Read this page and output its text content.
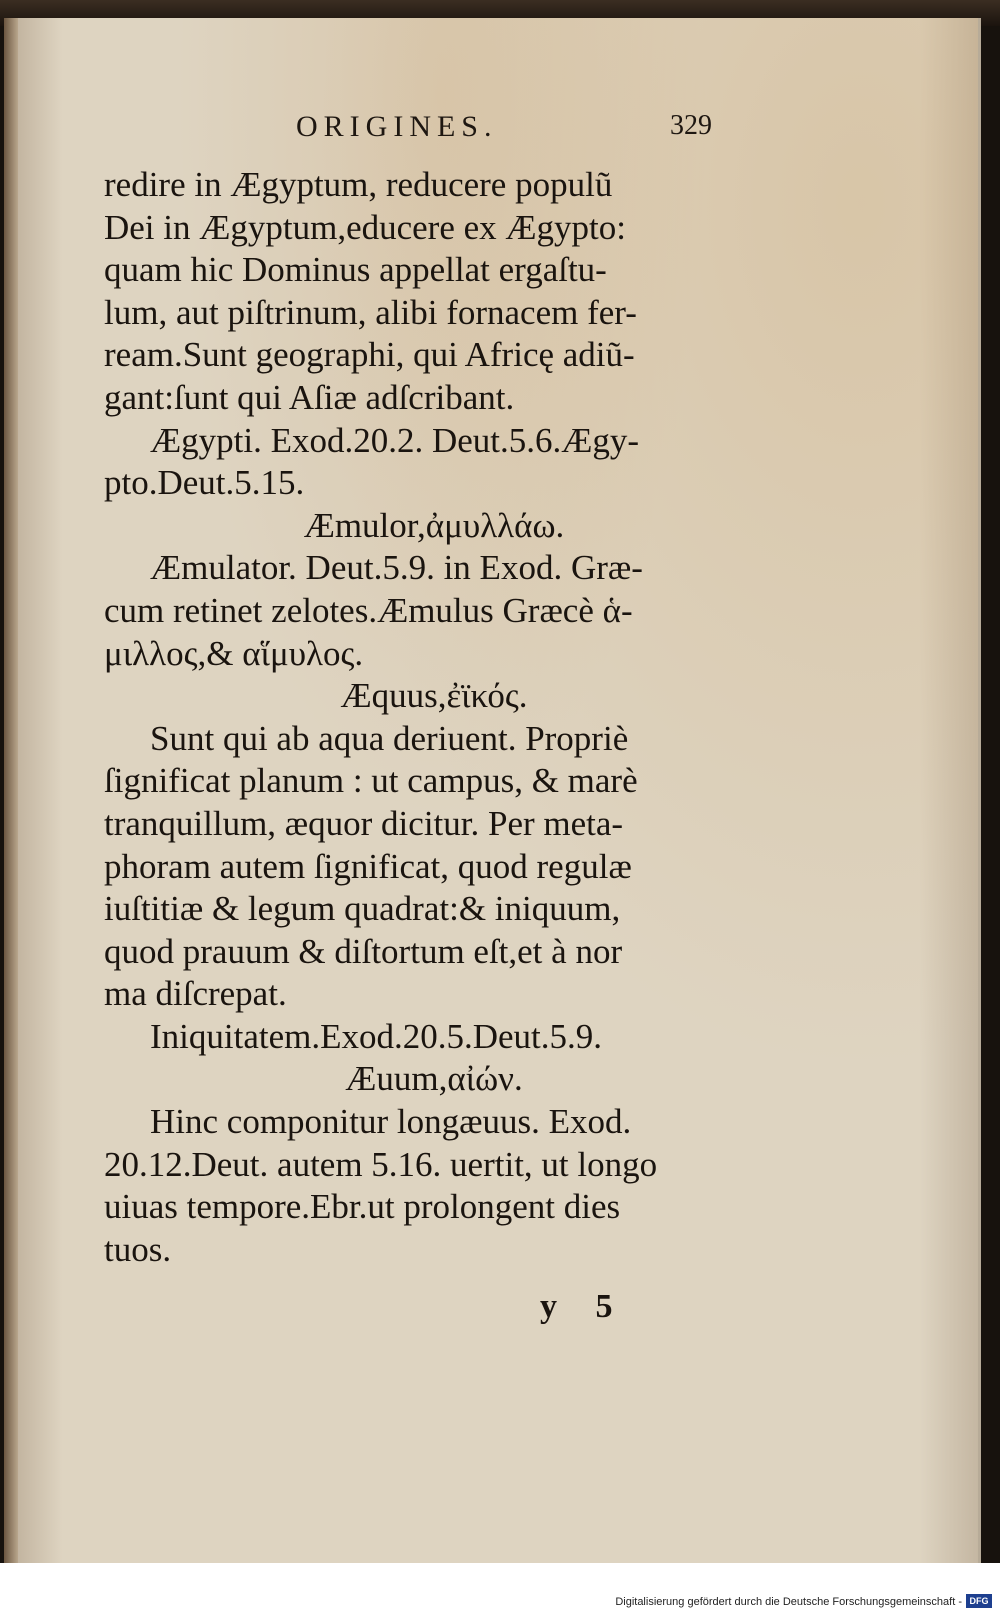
ORIGINES.	329
redire in Ægyptum, reducere populũ
Dei in Ægyptum,educere ex Ægypto:
quam hic Dominus appellat ergaſtu-
lum, aut piſtrinum, alibi fornacem fer-
ream.Sunt geographi, qui Africę adiũ-
gant:ſunt qui Aſiæ adſcribant.
Ægypti. Exod.20.2. Deut.5.6.Ægy-
pto.Deut.5.15.
Æmulor,ἀμυλλάω.
Æmulator. Deut.5.9. in Exod. Græ-
cum retinet zelotes.Æmulus Græcè ἁ-
μιλλος,& αἵμυλος.
Æquus,ἐϊκός.
Sunt qui ab aqua deriuent. Propriè
ſignificat planum : ut campus, & marè
tranquillum, æquor dicitur. Per meta-
phoram autem ſignificat, quod regulæ
iuſtitiæ & legum quadrat:& iniquum,
quod prauum & diſtortum eſt,et à nor
ma diſcrepat.
Iniquitatem.Exod.20.5.Deut.5.9.
Æuum,αἰών.
Hinc componitur longæuus. Exod.
20.12.Deut. autem 5.16. uertit, ut longo
uiuas tempore.Ebr.ut prolongent dies
tuos.
y 5
Digitalisierung gefördert durch die Deutsche Forschungsgemeinschaft - DFG
